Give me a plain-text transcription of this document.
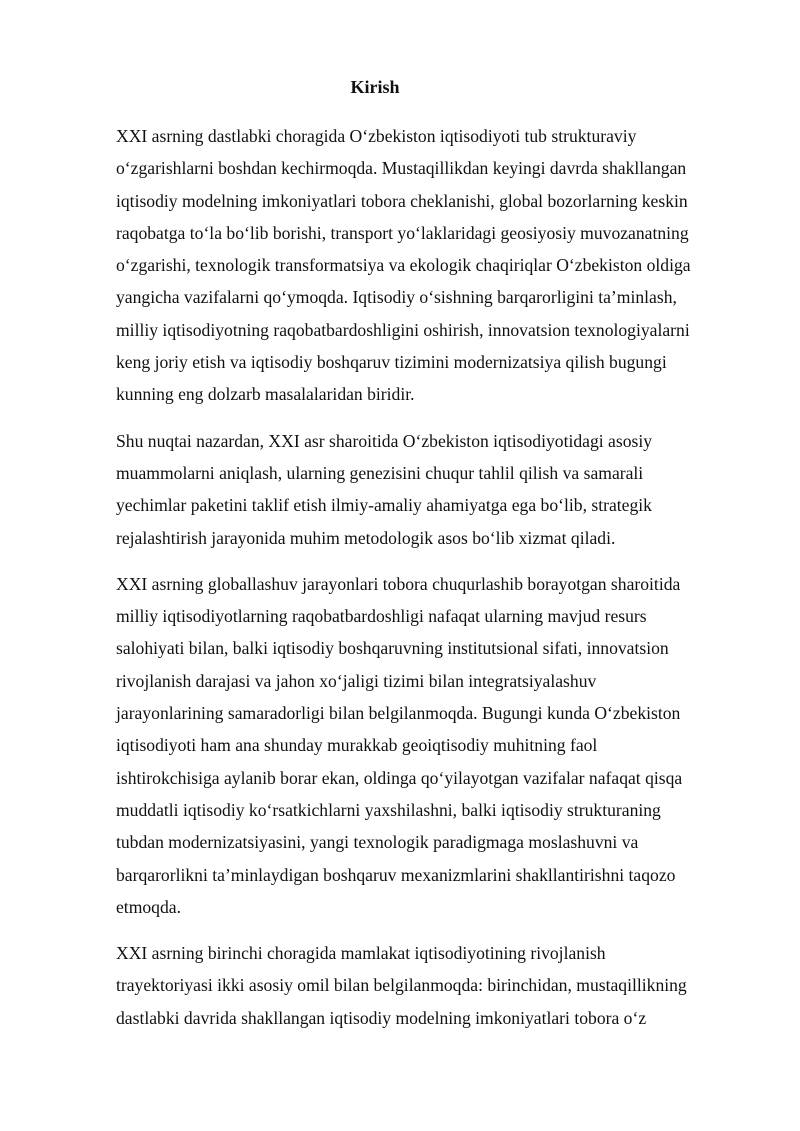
Kirish

XXI asrning dastlabki choragida O‘zbekiston iqtisodiyoti tub strukturaviy
o‘zgarishlarni boshdan kechirmoqda. Mustaqillikdan keyingi davrda shakllangan
iqtisodiy modelning imkoniyatlari tobora cheklanishi, global bozorlarning keskin
raqobatga to‘la bo‘lib borishi, transport yo‘laklaridagi geosiyosiy muvozanatning
o‘zgarishi, texnologik transformatsiya va ekologik chaqiriqlar O‘zbekiston oldiga
yangicha vazifalarni qo‘ymoqda. Iqtisodiy o‘sishning barqarorligini ta’minlash,
milliy iqtisodiyotning raqobatbardoshligini oshirish, innovatsion texnologiyalarni
keng joriy etish va iqtisodiy boshqaruv tizimini modernizatsiya qilish bugungi
kunning eng dolzarb masalalaridan biridir.

Shu nuqtai nazardan, XXI asr sharoitida O‘zbekiston iqtisodiyotidagi asosiy
muammolarni aniqlash, ularning genezisini chuqur tahlil qilish va samarali
yechimlar paketini taklif etish ilmiy-amaliy ahamiyatga ega bo‘lib, strategik
rejalashtirish jarayonida muhim metodologik asos bo‘lib xizmat qiladi.

XXI asrning globallashuv jarayonlari tobora chuqurlashib borayotgan sharoitida
milliy iqtisodiyotlarning raqobatbardoshligi nafaqat ularning mavjud resurs
salohiyati bilan, balki iqtisodiy boshqaruvning institutsional sifati, innovatsion
rivojlanish darajasi va jahon xo‘jaligi tizimi bilan integratsiyalashuv
jarayonlarining samaradorligi bilan belgilanmoqda. Bugungi kunda O‘zbekiston
iqtisodiyoti ham ana shunday murakkab geoiqtisodiy muhitning faol
ishtirokchisiga aylanib borar ekan, oldinga qo‘yilayotgan vazifalar nafaqat qisqa
muddatli iqtisodiy ko‘rsatkichlarni yaxshilashni, balki iqtisodiy strukturaning
tubdan modernizatsiyasini, yangi texnologik paradigmaga moslashuvni va
barqarorlikni ta’minlaydigan boshqaruv mexanizmlarini shakllantirishni taqozo
etmoqda.

XXI asrning birinchi choragida mamlakat iqtisodiyotining rivojlanish
trayektoriyasi ikki asosiy omil bilan belgilanmoqda: birinchidan, mustaqillikning
dastlabki davrida shakllangan iqtisodiy modelning imkoniyatlari tobora o‘z
